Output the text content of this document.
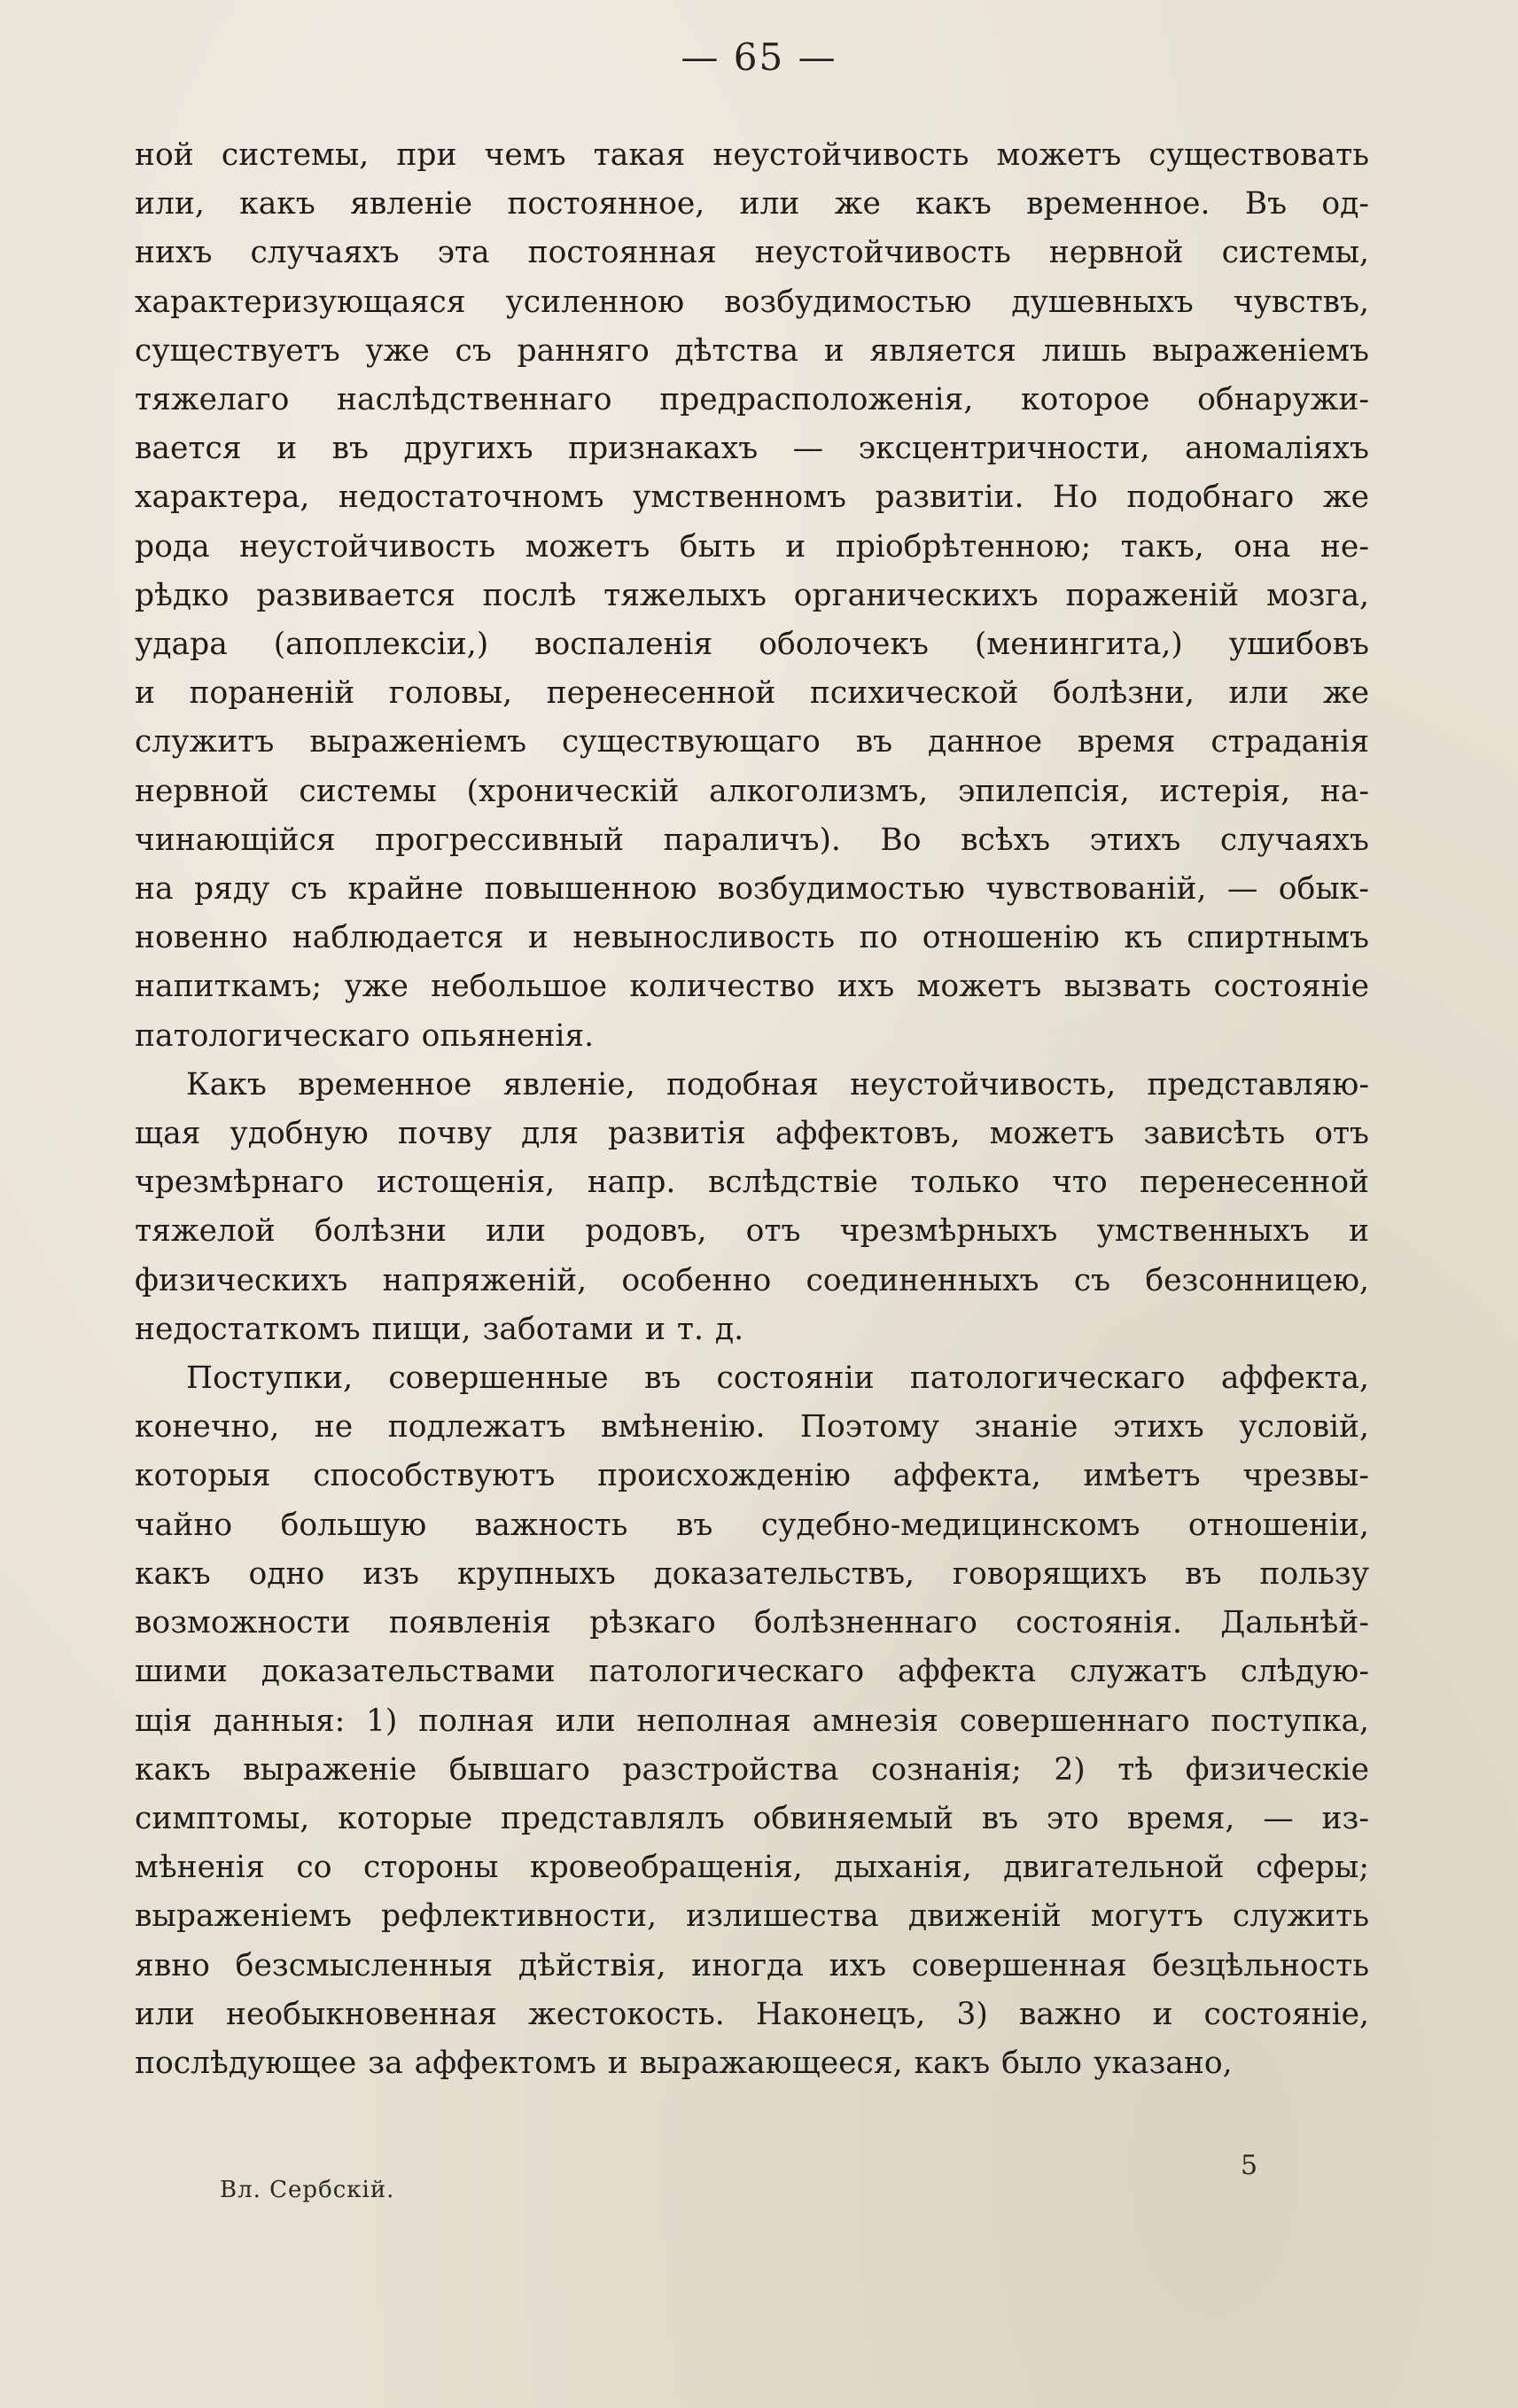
— 65 —

ной системы, при чемъ такая неустойчивость можетъ существовать
или, какъ явленіе постоянное, или же какъ временное. Въ од-
нихъ случаяхъ эта постоянная неустойчивость нервной системы,
характеризующаяся усиленною возбудимостью душевныхъ чувствъ,
существуетъ уже съ ранняго дѣтства и является лишь выраженіемъ
тяжелаго наслѣдственнаго предрасположенія, которое обнаружи-
вается и въ другихъ признакахъ — эксцентричности, аномаліяхъ
характера, недостаточномъ умственномъ развитіи. Но подобнаго же
рода неустойчивость можетъ быть и пріобрѣтенною; такъ, она не-
рѣдко развивается послѣ тяжелыхъ органическихъ пораженій мозга,
удара (апоплексіи,) воспаленія оболочекъ (менингита,) ушибовъ
и пораненій головы, перенесенной психической болѣзни, или же
служитъ выраженіемъ существующаго въ данное время страданія
нервной системы (хроническій алкоголизмъ, эпилепсія, истерія, на-
чинающійся прогрессивный параличъ). Во всѣхъ этихъ случаяхъ
на ряду съ крайне повышенною возбудимостью чувствованій, — обык-
новенно наблюдается и невыносливость по отношенію къ спиртнымъ
напиткамъ; уже небольшое количество ихъ можетъ вызвать состояніе
патологическаго опьяненія.

Какъ временное явленіе, подобная неустойчивость, представляю-
щая удобную почву для развитія аффектовъ, можетъ зависѣть отъ
чрезмѣрнаго истощенія, напр. вслѣдствіе только что перенесенной
тяжелой болѣзни или родовъ, отъ чрезмѣрныхъ умственныхъ и
физическихъ напряженій, особенно соединенныхъ съ безсонницею,
недостаткомъ пищи, заботами и т. д.

Поступки, совершенные въ состояніи патологическаго аффекта,
конечно, не подлежатъ вмѣненію. Поэтому знаніе этихъ условій,
которыя способствуютъ происхожденію аффекта, имѣетъ чрезвы-
чайно большую важность въ судебно-медицинскомъ отношеніи,
какъ одно изъ крупныхъ доказательствъ, говорящихъ въ пользу
возможности появленія рѣзкаго болѣзненнаго состоянія. Дальнѣй-
шими доказательствами патологическаго аффекта служатъ слѣдую-
щія данныя: 1) полная или неполная амнезія совершеннаго поступка,
какъ выраженіе бывшаго разстройства сознанія; 2) тѣ физическіе
симптомы, которые представлялъ обвиняемый въ это время, — из-
мѣненія со стороны кровеобращенія, дыханія, двигательной сферы;
выраженіемъ рефлективности, излишества движеній могутъ служить
явно безсмысленныя дѣйствія, иногда ихъ совершенная безцѣльность
или необыкновенная жестокость. Наконецъ, 3) важно и состояніе,
послѣдующее за аффектомъ и выражающееся, какъ было указано,

Вл. Сербскій.
5
